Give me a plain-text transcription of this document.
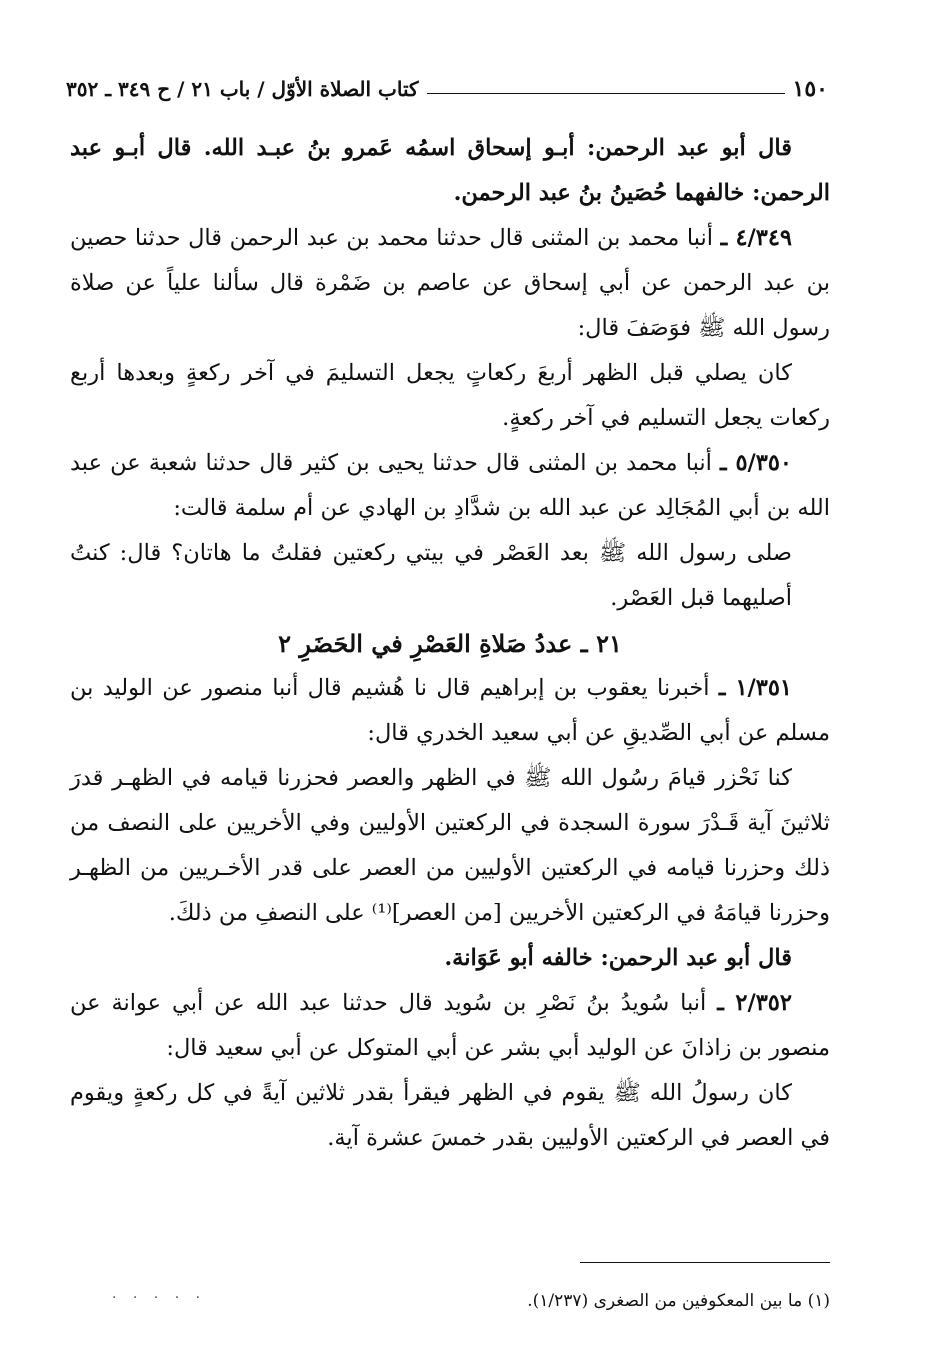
١٥٠
كتاب الصلاة الأوّل / باب ٢١ / ح ٣٤٩ ـ ٣٥٢

قال أبو عبد الرحمن: أبـو إسحاق اسمُه عَمرو بنُ عبـد الله. قال أبـو عبد الرحمن: خالفهما حُصَينُ بنُ عبد الرحمن.

٤/٣٤٩ ـ أنبا محمد بن المثنى قال حدثنا محمد بن عبد الرحمن قال حدثنا حصين بن عبد الرحمن عن أبي إسحاق عن عاصم بن ضَمْرة قال سألنا علياً عن صلاة رسول الله ﷺ فوَصَفَ قال:

كان يصلي قبل الظهر أربعَ ركعاتٍ يجعل التسليمَ في آخر ركعةٍ وبعدها أربع ركعات يجعل التسليم في آخر ركعةٍ.

٥/٣٥٠ ـ أنبا محمد بن المثنى قال حدثنا يحيى بن كثير قال حدثنا شعبة عن عبد الله بن أبي المُجَالِد عن عبد الله بن شدَّادِ بن الهادي عن أم سلمة قالت:

صلى رسول الله ﷺ بعد العَصْر في بيتي ركعتين فقلتُ ما هاتان؟ قال: كنتُ أصليهما قبل العَصْر.

٢١ ـ عددُ صَلاةِ العَصْرِ في الحَضَرِ ٢

١/٣٥١ ـ أخبرنا يعقوب بن إبراهيم قال نا هُشيم قال أنبا منصور عن الوليد بن مسلم عن أبي الصِّديقِ عن أبي سعيد الخدري قال:

كنا نَحْزر قيامَ رسُول الله ﷺ في الظهر والعصر فحزرنا قيامه في الظهـر قدرَ ثلاثينَ آية قَـدْرَ سورة السجدة في الركعتين الأوليين وفي الأخريين على النصف من ذلك وحزرنا قيامه في الركعتين الأوليين من العصر على قدر الأخـريين من الظهـر وحزرنا قيامَهُ في الركعتين الأخريين [من العصر]⁽¹⁾ على النصفِ من ذلكَ.

قال أبو عبد الرحمن: خالفه أبو عَوَانة.

٢/٣٥٢ ـ أنبا سُويدُ بنُ نَصْرِ بن سُويد قال حدثنا عبد الله عن أبي عوانة عن منصور بن زاذانَ عن الوليد أبي بشر عن أبي المتوكل عن أبي سعيد قال:

كان رسولُ الله ﷺ يقوم في الظهر فيقرأ بقدر ثلاثين آيةً في كل ركعةٍ ويقوم في العصر في الركعتين الأوليين بقدر خمسَ عشرة آية.

(١) ما بين المعكوفين من الصغرى (١/٢٣٧).

· · · · ·
